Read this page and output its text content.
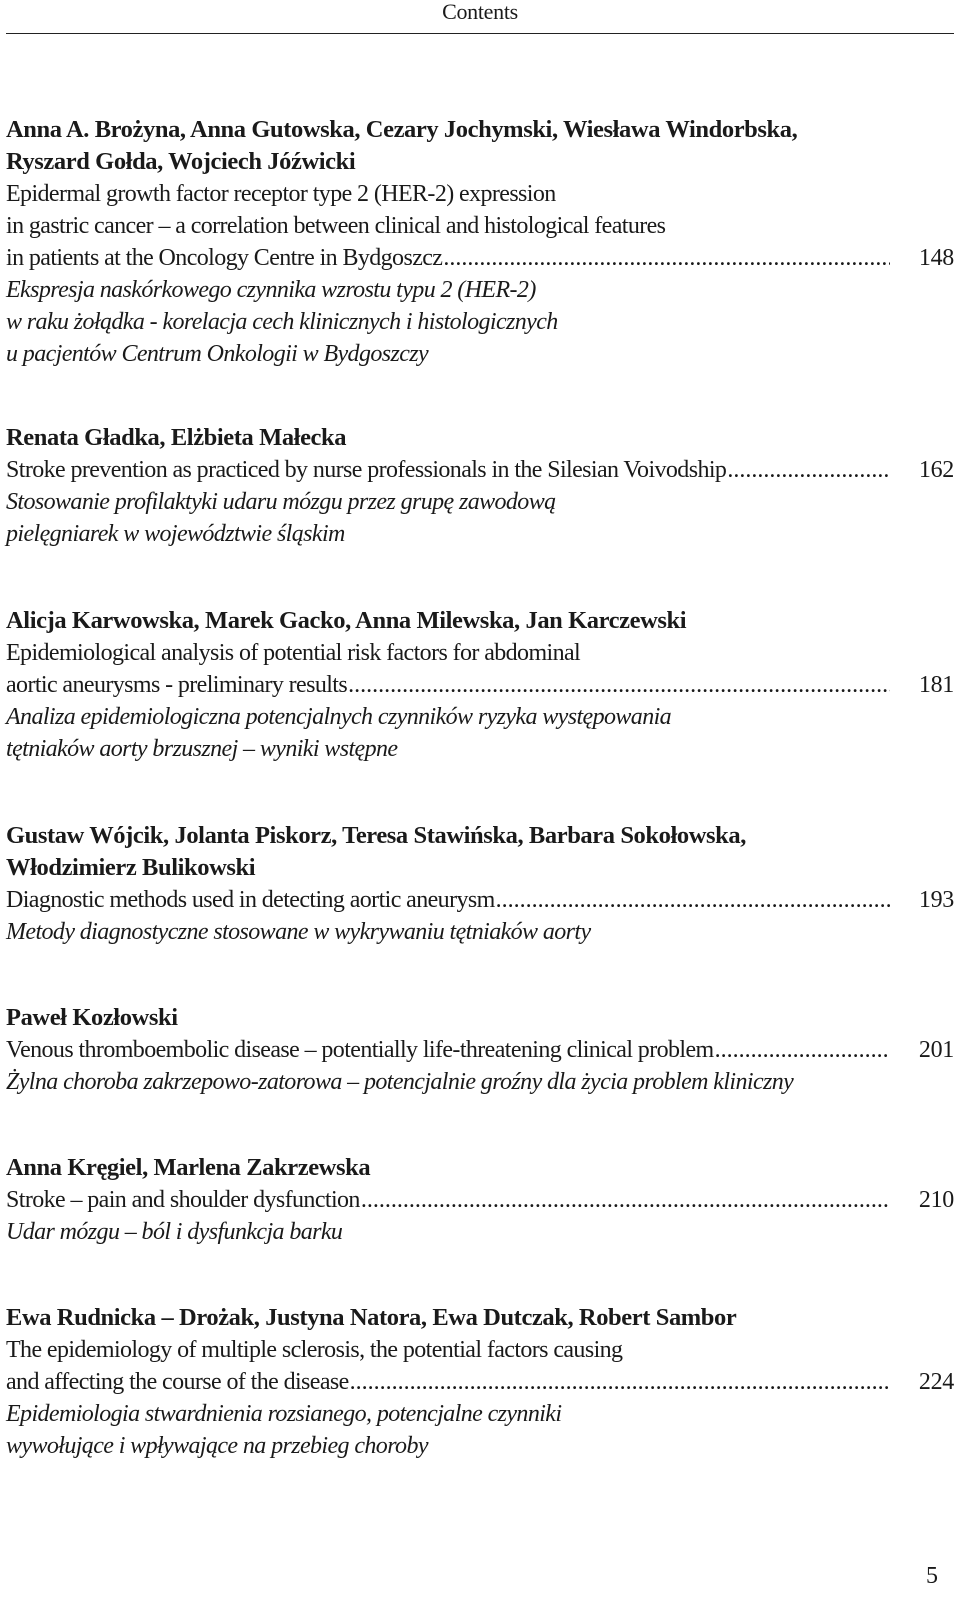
Contents
Anna A. Brożyna, Anna Gutowska, Cezary Jochymski, Wiesława Windorbska,
Ryszard Gołda, Wojciech Jóźwicki
Epidermal growth factor receptor type 2 (HER-2) expression
in gastric cancer – a correlation between clinical and histological features
in patients at the Oncology Centre in Bydgoszcz .....	148
Ekspresja naskórkowego czynnika wzrostu typu 2 (HER-2)
w raku żołądka - korelacja cech klinicznych i histologicznych
u pacjentów Centrum Onkologii w Bydgoszczy
Renata Gładka, Elżbieta Małecka
Stroke prevention as practiced by nurse professionals in the Silesian Voivodship .....	162
Stosowanie profilaktyki udaru mózgu przez grupę zawodową
pielęgniarek w województwie śląskim
Alicja Karwowska, Marek Gacko, Anna Milewska, Jan Karczewski
Epidemiological analysis of potential risk factors for abdominal
aortic aneurysms - preliminary results .....	181
Analiza epidemiologiczna potencjalnych czynników ryzyka występowania
tętniaków aorty brzusznej – wyniki wstępne
Gustaw Wójcik, Jolanta Piskorz, Teresa Stawińska, Barbara Sokołowska,
Włodzimierz Bulikowski
Diagnostic methods used in detecting aortic aneurysm .....	193
Metody diagnostyczne stosowane w wykrywaniu tętniaków aorty
Paweł Kozłowski
Venous thromboembolic disease – potentially life-threatening clinical problem .....	201
Żylna choroba zakrzepowo-zatorowa – potencjalnie groźny dla życia problem kliniczny
Anna Kręgiel, Marlena Zakrzewska
Stroke – pain and shoulder dysfunction .....	210
Udar mózgu – ból i dysfunkcja barku
Ewa Rudnicka – Drożak, Justyna Natora, Ewa Dutczak, Robert Sambor
The epidemiology of multiple sclerosis, the potential factors causing
and affecting the course of the disease .....	224
Epidemiologia stwardnienia rozsianego, potencjalne czynniki
wywołujące i wpływające na przebieg choroby
5
